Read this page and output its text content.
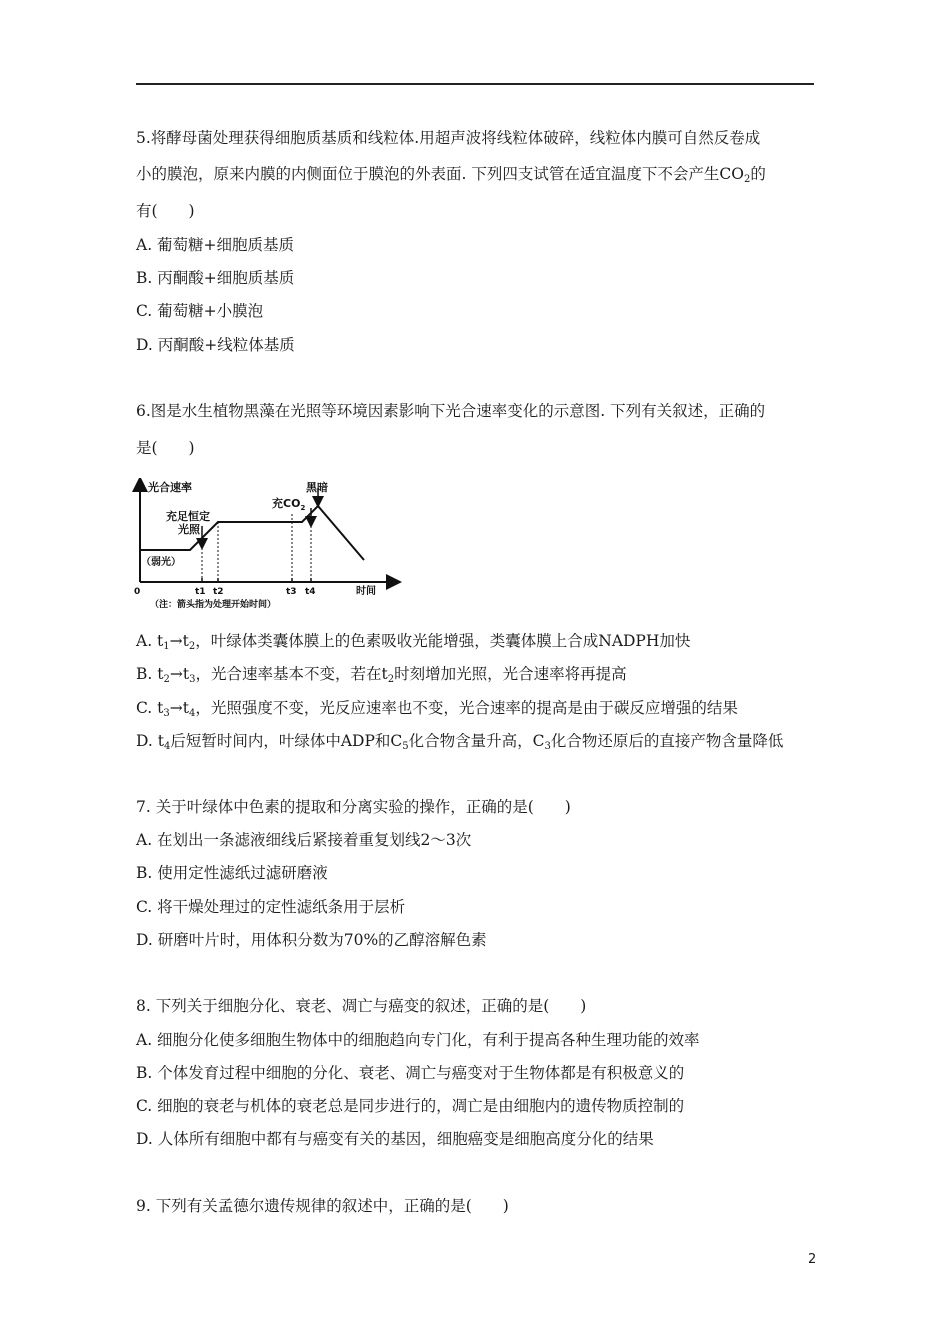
5.将酵母菌处理获得细胞质基质和线粒体.用超声波将线粒体破碎，线粒体内膜可自然反卷成
小的膜泡，原来内膜的内侧面位于膜泡的外表面. 下列四支试管在适宜温度下不会产生$CO_2$的
有(　　)
A. 葡萄糖+细胞质基质
B. 丙酮酸+细胞质基质
C. 葡萄糖+小膜泡
D. 丙酮酸+线粒体基质
6.图是水生植物黑藻在光照等环境因素影响下光合速率变化的示意图. 下列有关叙述，正确的
是(　　)
光合速率
充足恒定
光照
（弱光）
充$CO_2$
黑暗
0	t1 t2	t3 t4	时间
（注：箭头指为处理开始时间）
A. $t_1\to t_2$，叶绿体类囊体膜上的色素吸收光能增强，类囊体膜上合成NADPH加快
B. $t_2\to t_3$，光合速率基本不变，若在$t_2$时刻增加光照，光合速率将再提高
C. $t_3\to t_4$，光照强度不变，光反应速率也不变，光合速率的提高是由于碳反应增强的结果
D. $t_4$后短暂时间内，叶绿体中ADP和$C_5$化合物含量升高，$C_3$化合物还原后的直接产物含量降低
7. 关于叶绿体中色素的提取和分离实验的操作，正确的是(　　)
A. 在划出一条滤液细线后紧接着重复划线2～3次
B. 使用定性滤纸过滤研磨液
C. 将干燥处理过的定性滤纸条用于层析
D. 研磨叶片时，用体积分数为70%的乙醇溶解色素
8. 下列关于细胞分化、衰老、凋亡与癌变的叙述，正确的是(　　)
A. 细胞分化使多细胞生物体中的细胞趋向专门化，有利于提高各种生理功能的效率
B. 个体发育过程中细胞的分化、衰老、凋亡与癌变对于生物体都是有积极意义的
C. 细胞的衰老与机体的衰老总是同步进行的，凋亡是由细胞内的遗传物质控制的
D. 人体所有细胞中都有与癌变有关的基因，细胞癌变是细胞高度分化的结果
9. 下列有关孟德尔遗传规律的叙述中，正确的是(　　)
2
